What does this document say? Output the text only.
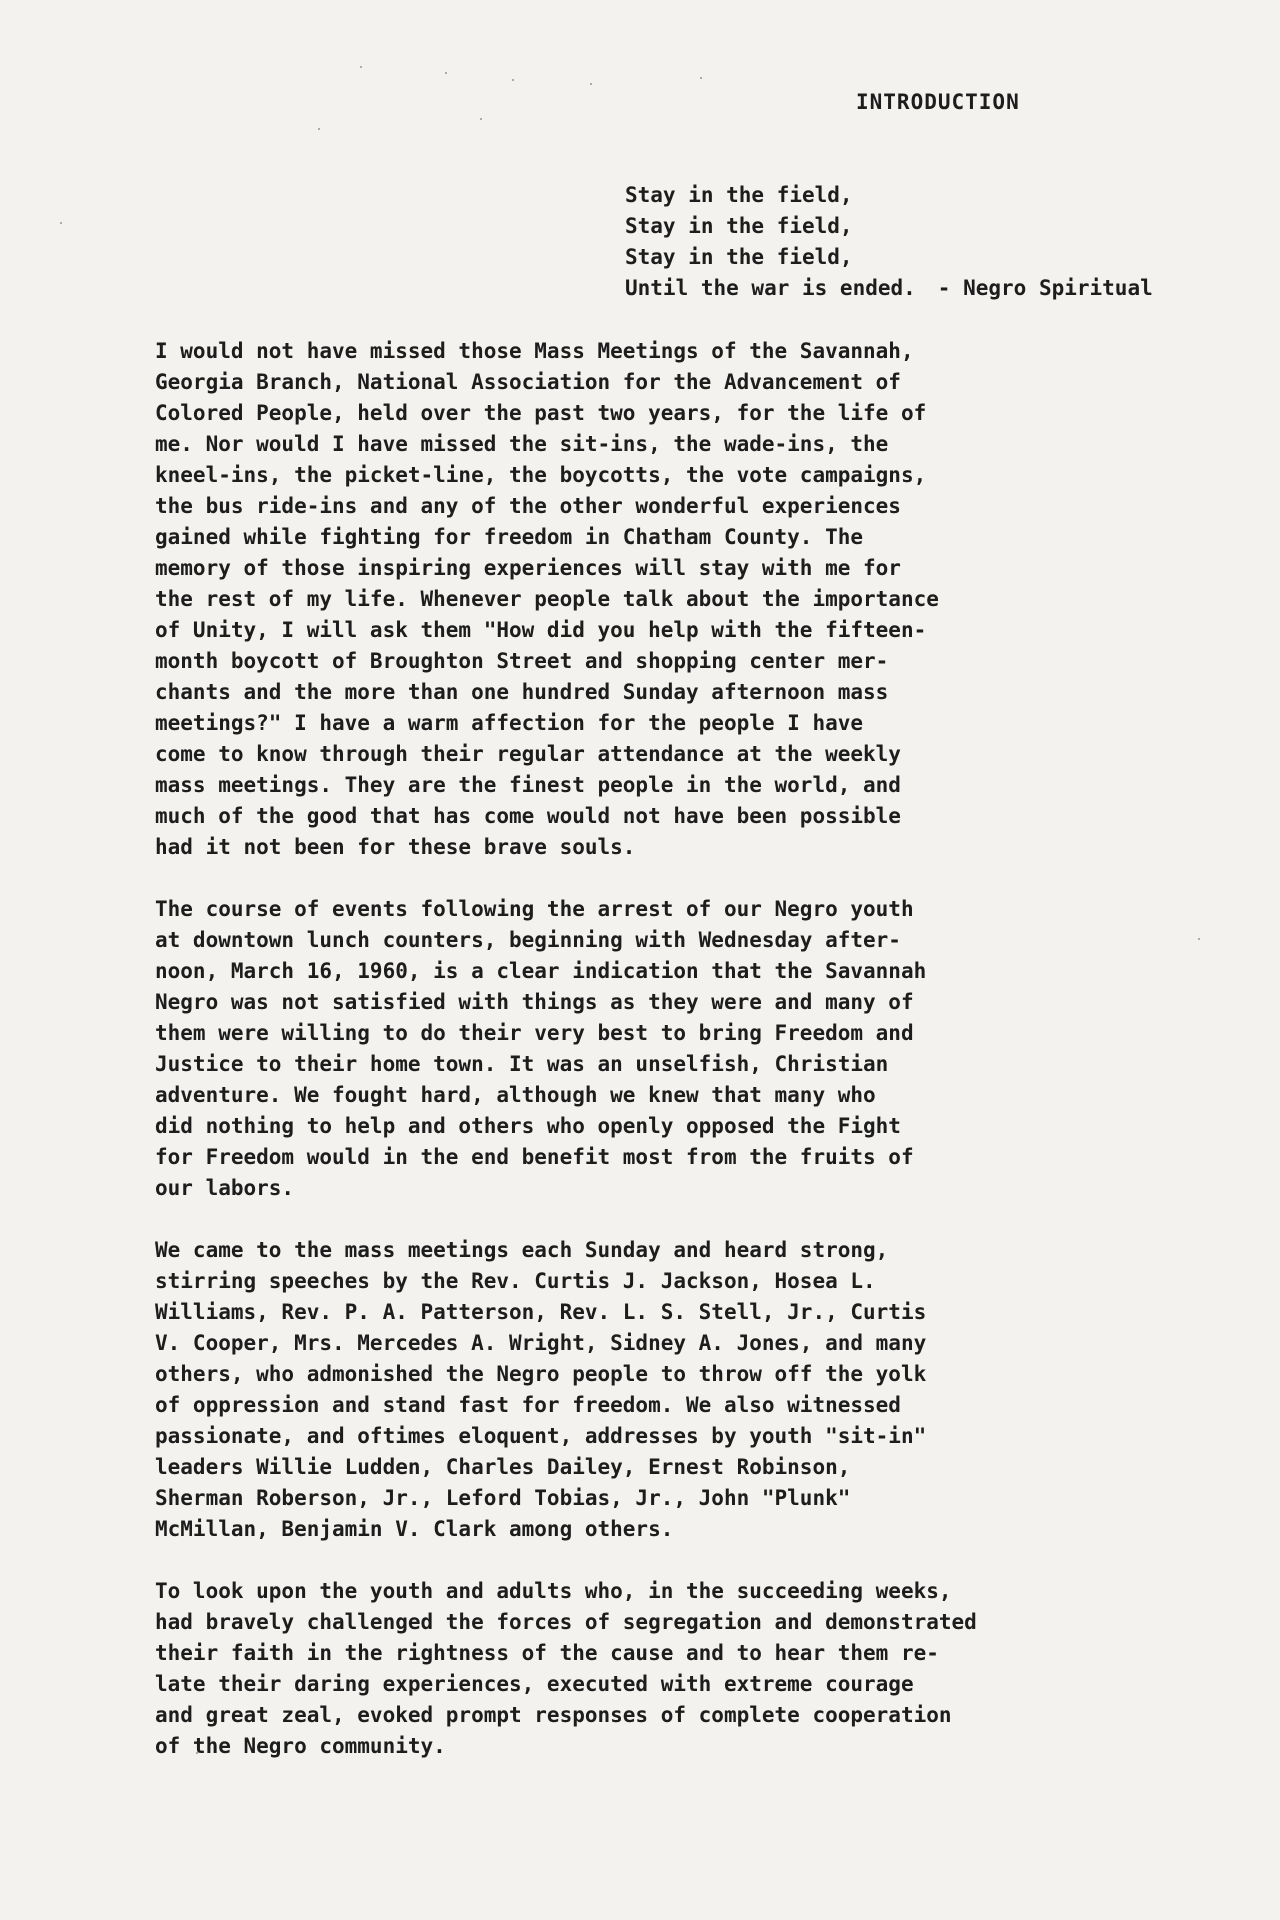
INTRODUCTION
Stay in the field,
Stay in the field,
Stay in the field,
Until the war is ended. - Negro Spiritual
I would not have missed those Mass Meetings of the Savannah,
Georgia Branch, National Association for the Advancement of
Colored People, held over the past two years, for the life of
me. Nor would I have missed the sit-ins, the wade-ins, the
kneel-ins, the picket-line, the boycotts, the vote campaigns,
the bus ride-ins and any of the other wonderful experiences
gained while fighting for freedom in Chatham County. The
memory of those inspiring experiences will stay with me for
the rest of my life. Whenever people talk about the importance
of Unity, I will ask them "How did you help with the fifteen-
month boycott of Broughton Street and shopping center mer-
chants and the more than one hundred Sunday afternoon mass
meetings?" I have a warm affection for the people I have
come to know through their regular attendance at the weekly
mass meetings. They are the finest people in the world, and
much of the good that has come would not have been possible
had it not been for these brave souls.
The course of events following the arrest of our Negro youth
at downtown lunch counters, beginning with Wednesday after-
noon, March 16, 1960, is a clear indication that the Savannah
Negro was not satisfied with things as they were and many of
them were willing to do their very best to bring Freedom and
Justice to their home town. It was an unselfish, Christian
adventure. We fought hard, although we knew that many who
did nothing to help and others who openly opposed the Fight
for Freedom would in the end benefit most from the fruits of
our labors.
We came to the mass meetings each Sunday and heard strong,
stirring speeches by the Rev. Curtis J. Jackson, Hosea L.
Williams, Rev. P. A. Patterson, Rev. L. S. Stell, Jr., Curtis
V. Cooper, Mrs. Mercedes A. Wright, Sidney A. Jones, and many
others, who admonished the Negro people to throw off the yolk
of oppression and stand fast for freedom. We also witnessed
passionate, and oftimes eloquent, addresses by youth "sit-in"
leaders Willie Ludden, Charles Dailey, Ernest Robinson,
Sherman Roberson, Jr., Leford Tobias, Jr., John "Plunk"
McMillan, Benjamin V. Clark among others.
To look upon the youth and adults who, in the succeeding weeks,
had bravely challenged the forces of segregation and demonstrated
their faith in the rightness of the cause and to hear them re-
late their daring experiences, executed with extreme courage
and great zeal, evoked prompt responses of complete cooperation
of the Negro community.
